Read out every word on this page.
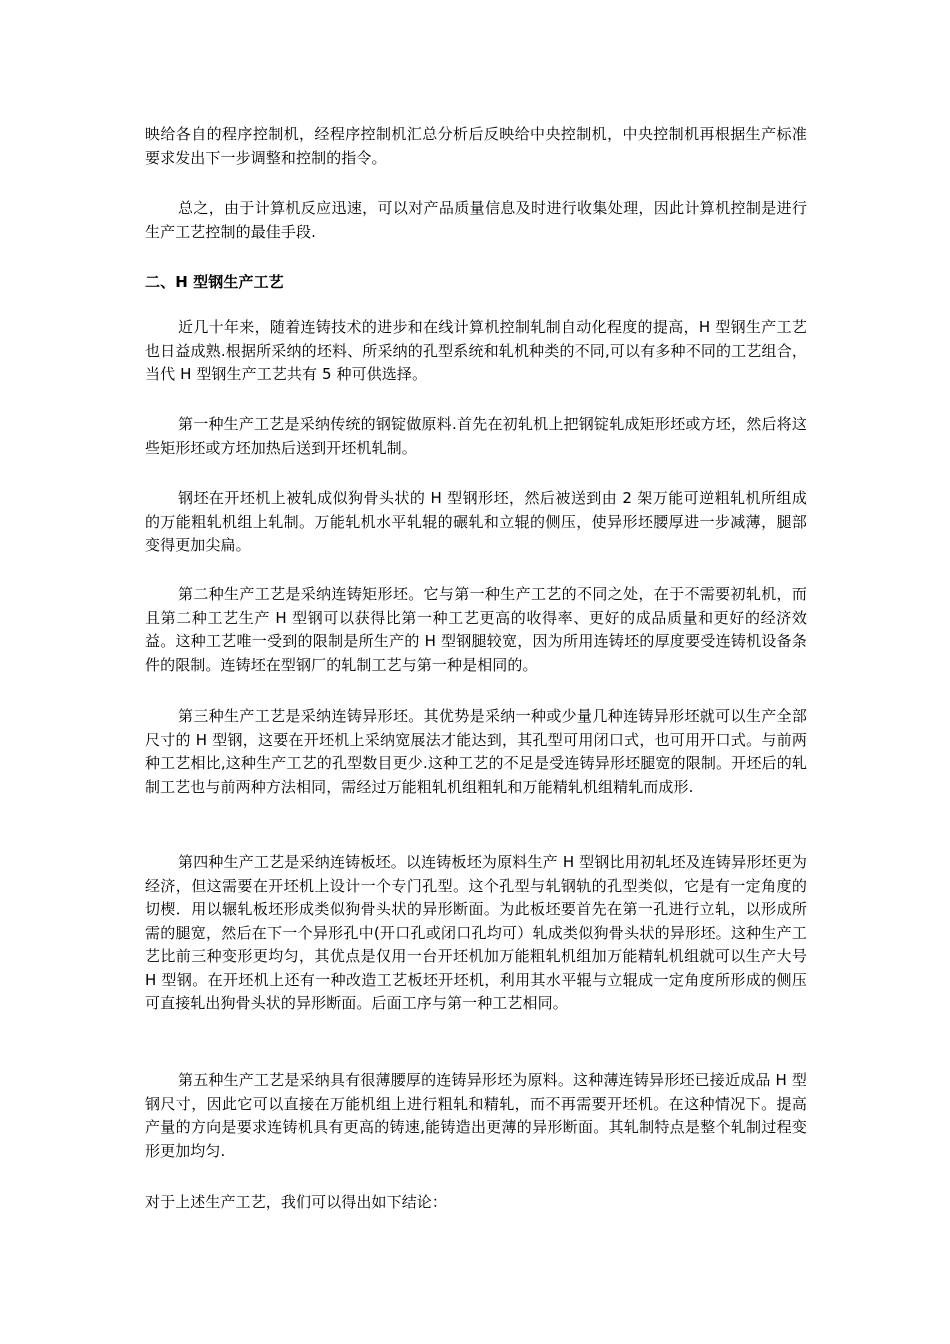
映给各自的程序控制机，经程序控制机汇总分析后反映给中央控制机，中央控制机再根据生产标准要求发出下一步调整和控制的指令。

总之，由于计算机反应迅速，可以对产品质量信息及时进行收集处理，因此计算机控制是进行生产工艺控制的最佳手段.

二、H 型钢生产工艺

近几十年来，随着连铸技术的进步和在线计算机控制轧制自动化程度的提高，H 型钢生产工艺也日益成熟.根据所采纳的坯料、所采纳的孔型系统和轧机种类的不同,可以有多种不同的工艺组合，当代 H 型钢生产工艺共有 5 种可供选择。

第一种生产工艺是采纳传统的钢锭做原料.首先在初轧机上把钢锭轧成矩形坯或方坯，然后将这些矩形坯或方坯加热后送到开坯机轧制。

钢坯在开坯机上被轧成似狗骨头状的 H 型钢形坯，然后被送到由 2 架万能可逆粗轧机所组成的万能粗轧机组上轧制。万能轧机水平轧辊的碾轧和立辊的侧压，使异形坯腰厚进一步减薄，腿部变得更加尖扁。

第二种生产工艺是采纳连铸矩形坯。它与第一种生产工艺的不同之处，在于不需要初轧机，而且第二种工艺生产 H 型钢可以获得比第一种工艺更高的收得率、更好的成品质量和更好的经济效益。这种工艺唯一受到的限制是所生产的 H 型钢腿较宽，因为所用连铸坯的厚度要受连铸机设备条件的限制。连铸坯在型钢厂的轧制工艺与第一种是相同的。

第三种生产工艺是采纳连铸异形坯。其优势是采纳一种或少量几种连铸异形坯就可以生产全部尺寸的 H 型钢，这要在开坯机上采纳宽展法才能达到，其孔型可用闭口式，也可用开口式。与前两种工艺相比,这种生产工艺的孔型数目更少.这种工艺的不足是受连铸异形坯腿宽的限制。开坯后的轧制工艺也与前两种方法相同，需经过万能粗轧机组粗轧和万能精轧机组精轧而成形.

第四种生产工艺是采纳连铸板坯。以连铸板坯为原料生产 H 型钢比用初轧坯及连铸异形坯更为经济，但这需要在开坯机上设计一个专门孔型。这个孔型与轧钢轨的孔型类似，它是有一定角度的切楔．用以辗轧板坯形成类似狗骨头状的异形断面。为此板坯要首先在第一孔进行立轧，以形成所需的腿宽，然后在下一个异形孔中(开口孔或闭口孔均可）轧成类似狗骨头状的异形坯。这种生产工艺比前三种变形更均匀，其优点是仅用一台开坯机加万能粗轧机组加万能精轧机组就可以生产大号 H 型钢。在开坯机上还有一种改造工艺板坯开坯机，利用其水平辊与立辊成一定角度所形成的侧压可直接轧出狗骨头状的异形断面。后面工序与第一种工艺相同。

第五种生产工艺是采纳具有很薄腰厚的连铸异形坯为原料。这种薄连铸异形坯已接近成品 H 型钢尺寸，因此它可以直接在万能机组上进行粗轧和精轧，而不再需要开坯机。在这种情况下。提高产量的方向是要求连铸机具有更高的铸速,能铸造出更薄的异形断面。其轧制特点是整个轧制过程变形更加均匀.

对于上述生产工艺，我们可以得出如下结论：
